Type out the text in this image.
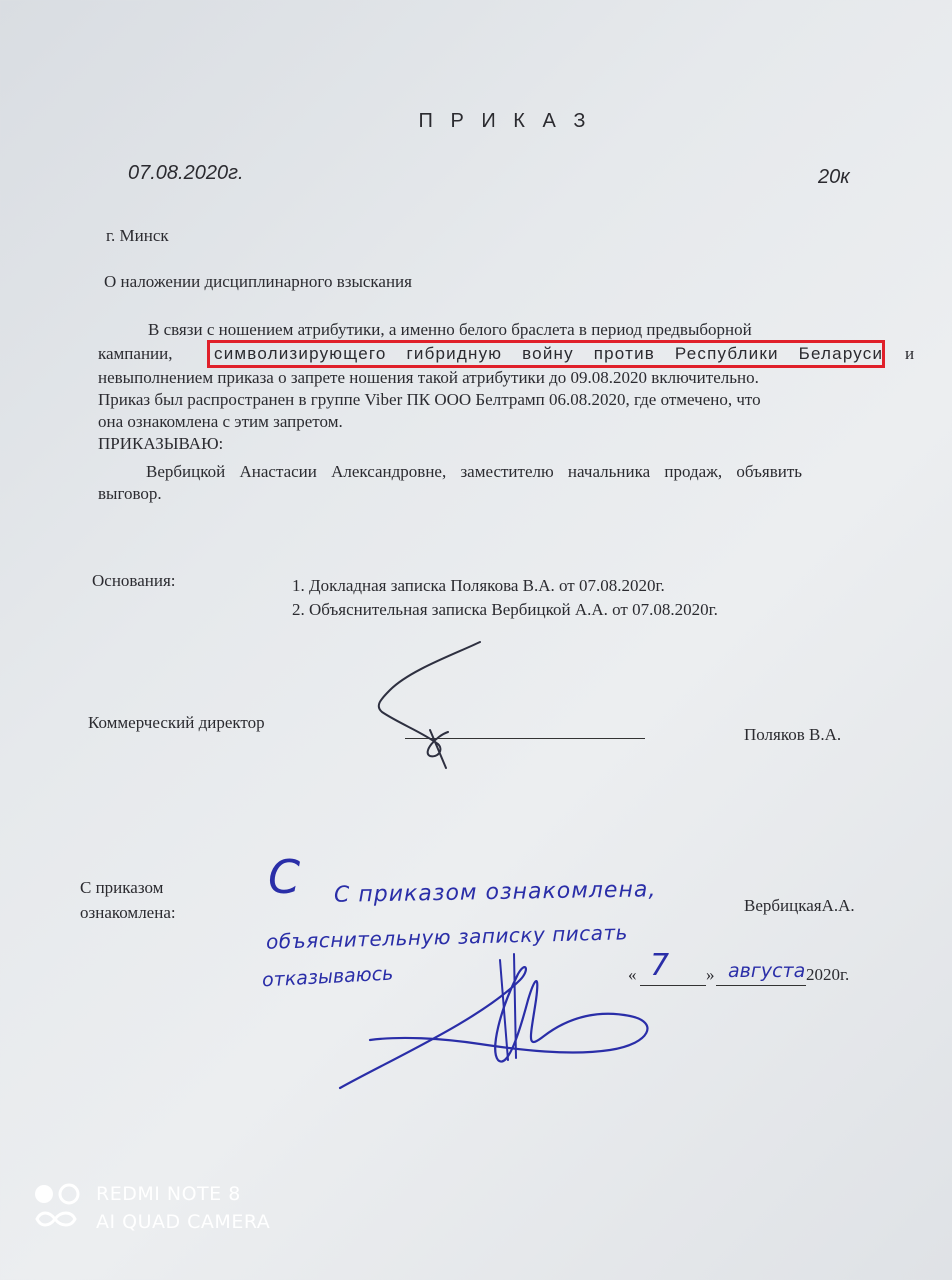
П Р И К А З
07.08.2020г.	20к
г. Минск
О наложении дисциплинарного взыскания
В связи с ношением атрибутики, а именно белого браслета в период предвыборной
кампании, символизирующего гибридную войну против Республики Беларуси и
невыполнением приказа о запрете ношения такой атрибутики до 09.08.2020 включительно.
Приказ был распространен в группе Viber ПК ООО Белтрамп 06.08.2020, где отмечено, что
она ознакомлена с этим запретом.
ПРИКАЗЫВАЮ:
Вербицкой Анастасии Александровне, заместителю начальника продаж, объявить
выговор.
Основания:	1. Докладная записка Полякова В.А. от 07.08.2020г.
2. Объяснительная записка Вербицкой А.А. от 07.08.2020г.
Коммерческий директор
Поляков В.А.
С приказом
ознакомлена:	ВербицкаяА.А.
«	»	2020г.
С С приказом ознакомлена,
объяснительную записку писать
отказываюсь	7	августа
REDMI NOTE 8
AI QUAD CAMERA
